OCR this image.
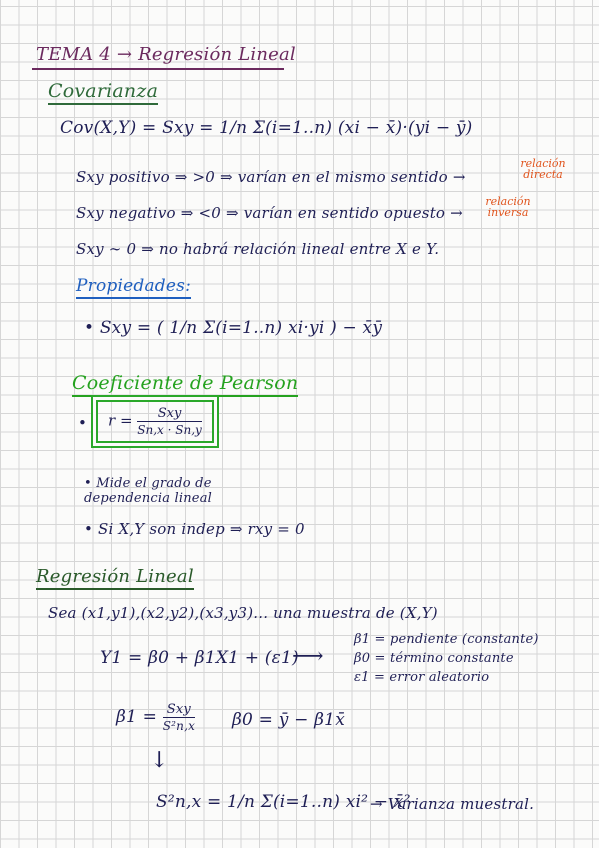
TEMA 4 → Regresión Lineal
Covarianza
Cov(X,Y) = Sxy = 1/n Σ(i=1..n) (xi − x̄)·(yi − ȳ)
Sxy positivo ⇒ >0 ⇒ varían en el mismo sentido →
relación directa
Sxy negativo ⇒ <0 ⇒ varían en sentido opuesto →
relación inversa
Sxy ∼ 0 ⇒ no habrá relación lineal entre X e Y.
Propiedades:
• Sxy = ( 1/n Σ(i=1..n) xi·yi ) − x̄ȳ
Coeficiente de Pearson
$r = \frac{\text{Sxy}}{Sn,x \cdot Sn,y}$
•
• Mide el grado de dependencia lineal
• Si X,Y son indep ⇒ rxy = 0
Regresión Lineal
Sea (x1,y1),(x2,y2),(x3,y3)... una muestra de (X,Y)
Y1 = β0 + β1X1 + (ε1)
⟶
β1 = pendiente (constante)
β0 = término constante
ε1 = error aleatorio
$\beta 1 = \frac{\text{Sxy}}{\text{S²n,x}} \beta 0$ = ȳ − β1x̄
↓
S²n,x = 1/n Σ(i=1..n) xi² − x̄²
→ Varianza muestral.
